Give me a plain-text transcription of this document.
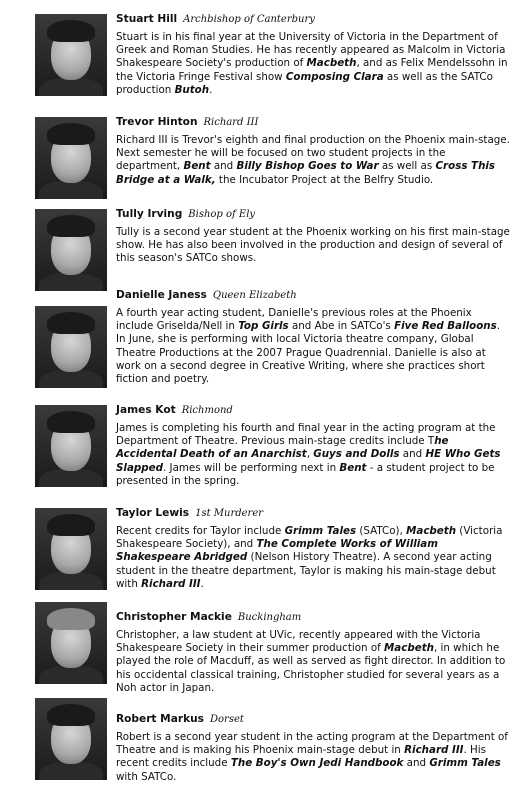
Stuart Hill Archbishop of Canterbury

Stuart is in his final year at the University of Victoria in the Department of Greek and Roman Studies. He has recently appeared as Malcolm in Victoria Shakespeare Society's production of Macbeth, and as Felix Mendelssohn in the Victoria Fringe Festival show Composing Clara as well as the SATCo production Butoh.

Trevor Hinton Richard III

Richard III is Trevor's eighth and final production on the Phoenix main-stage. Next semester he will be focused on two student projects in the department, Bent and Billy Bishop Goes to War as well as Cross This Bridge at a Walk, the Incubator Project at the Belfry Studio.

Tully Irving Bishop of Ely

Tully is a second year student at the Phoenix working on his first main-stage show. He has also been involved in the production and design of several of this season's SATCo shows.

Danielle Janess Queen Elizabeth

A fourth year acting student, Danielle's previous roles at the Phoenix include Griselda/Nell in Top Girls and Abe in SATCo's Five Red Balloons. In June, she is performing with local Victoria theatre company, Global Theatre Productions at the 2007 Prague Quadrennial. Danielle is also at work on a second degree in Creative Writing, where she practices short fiction and poetry.

James Kot Richmond

James is completing his fourth and final year in the acting program at the Department of Theatre. Previous main-stage credits include The Accidental Death of an Anarchist, Guys and Dolls and HE Who Gets Slapped. James will be performing next in Bent - a student project to be presented in the spring.

Taylor Lewis 1st Murderer

Recent credits for Taylor include Grimm Tales (SATCo), Macbeth (Victoria Shakespeare Society), and The Complete Works of William Shakespeare Abridged (Nelson History Theatre). A second year acting student in the theatre department, Taylor is making his main-stage debut with Richard III.

Christopher Mackie Buckingham

Christopher, a law student at UVic, recently appeared with the Victoria Shakespeare Society in their summer production of Macbeth, in which he played the role of Macduff, as well as served as fight director. In addition to his occidental classical training, Christopher studied for several years as a Noh actor in Japan.

Robert Markus Dorset

Robert is a second year student in the acting program at the Department of Theatre and is making his Phoenix main-stage debut in Richard III. His recent credits include The Boy's Own Jedi Handbook and Grimm Tales with SATCo.
